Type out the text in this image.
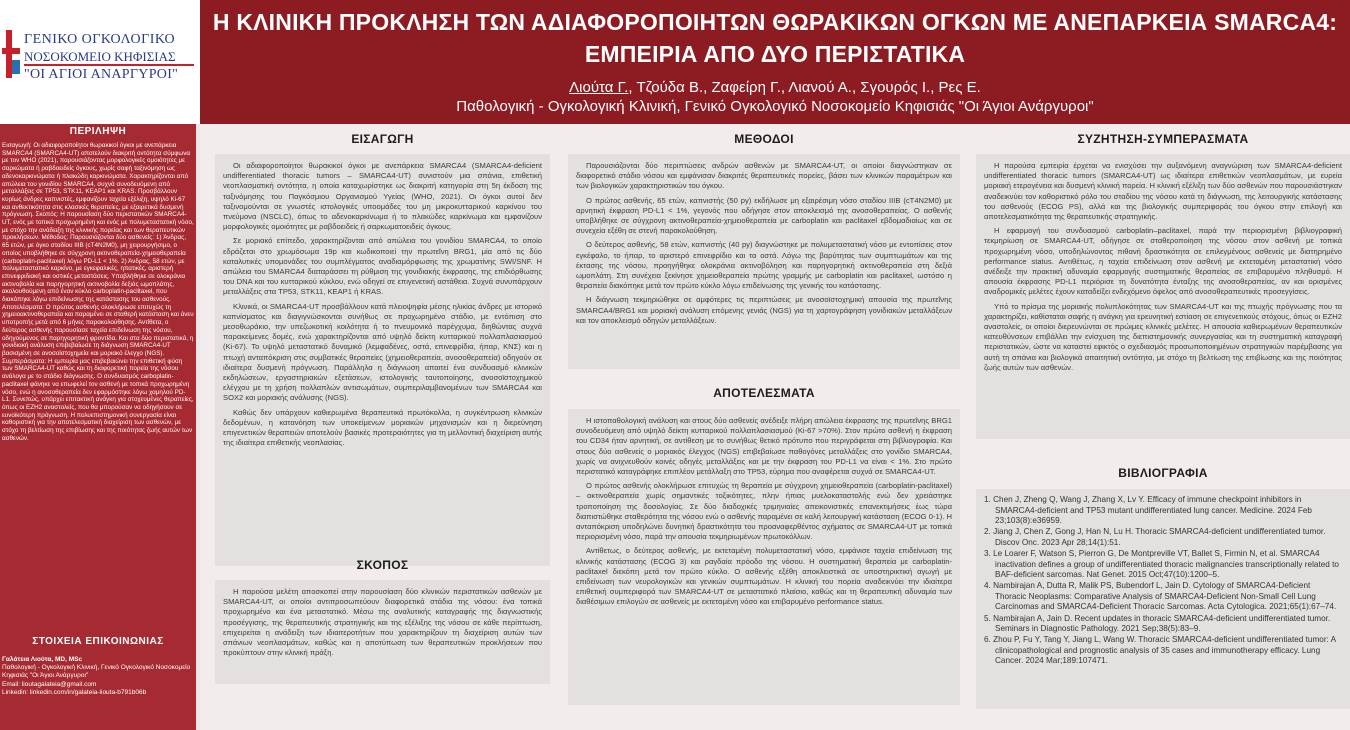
ΓΕΝΙΚΟ ΟΓΚΟΛΟΓΙΚΟ
ΝΟΣΟΚΟΜΕΙΟ ΚΗΦΙΣΙΑΣ
"ΟΙ ΑΓΙΟΙ ΑΝΑΡΓΥΡΟΙ"
Η ΚΛΙΝΙΚΗ ΠΡΟΚΛΗΣΗ ΤΩΝ ΑΔΙΑΦΟΡΟΠΟΙΗΤΩΝ ΘΩΡΑΚΙΚΩΝ ΟΓΚΩΝ ΜΕ ΑΝΕΠΑΡΚΕΙΑ SMARCA4:
ΕΜΠΕΙΡΙΑ ΑΠΟ ΔΥΟ ΠΕΡΙΣΤΑΤΙΚΑ
Λιούτα Γ., Τζούδα Β., Ζαφείρη Γ., Λιανού Α., Σγουρός Ι., Ρες Ε.
Παθολογική - Ογκολογική Κλινική, Γενικό Ογκολογικό Νοσοκομείο Κηφισιάς "Οι Άγιοι Ανάργυροι"
ΠΕΡΙΛΗΨΗ
Εισαγωγή: Οι αδιαφοροποίητοι θωρακικοί όγκοι με ανεπάρκεια SMARCA4 (SMARCA4-UT) αποτελούν διακριτή οντότητα σύμφωνα με τον WHO (2021), παρουσιάζοντας μορφολογικές ομοιότητες με σαρκώματα ή ραβδοειδείς όγκους, χωρίς σαφή ταξινόμηση ως αδενοκαρκινώματα ή πλακώδη καρκινώματα. Χαρακτηρίζονται από απώλεια του γονιδίου SMARCA4, συχνά συνοδευόμενη από μεταλλάξεις σε TP53, STK11, KEAP1 και KRAS. Προσβάλλουν κυρίως άνδρες καπνιστές, εμφανίζουν ταχεία εξέλιξη, υψηλό Ki-67 και ανθεκτικότητα στις κλασικές θεραπείες, με εξαιρετικά δυσμενή πρόγνωση. Σκοπός: Η παρουσίαση δύο περιστατικών SMARCA4-UT, ενός με τοπικά προχωρημένη και ενός με πολυμεταστατική νόσο, με στόχο την ανάδειξη της κλινικής πορείας και των θεραπευτικών προκλήσεων. Μέθοδος: Παρουσιάζονται δύο ασθενείς: 1) Άνδρας, 65 ετών, με όγκο σταδίου IIIB (cT4N2M0), μη χειρουργήσιμο, ο οποίος υποβλήθηκε σε σύγχρονη ακτινοθεραπεία-χημειοθεραπεία (carboplatin-paclitaxel) λόγω PD-L1 < 1%. 2) Άνδρας, 58 ετών, με πολυμεταστατικό καρκίνο, με εγκεφαλικές, ηπατικές, αριστερή επινεφριδιακή και οστικές μεταστάσεις. Υποβλήθηκε σε ολοκράνια ακτινοβολία και παρηγορητική ακτινοβολία δεξιάς ωμοπλάτης, ακολουθούμενη από έναν κύκλο carboplatin-paclitaxel, που διακόπηκε λόγω επιδείνωσης της κατάστασης του ασθενούς. Αποτελέσματα: Ο πρώτος ασθενής ολοκλήρωσε επιτυχώς τη χημειοακτινοθεραπεία και παραμένει σε σταθερή κατάσταση και άνευ υποτροπής μετά από 6 μήνες παρακολούθησης. Αντίθετα, ο δεύτερος ασθενής παρουσίασε ταχεία επιδείνωση της νόσου, οδηγούμενος σε παρηγορητική φροντίδα. Και στα δύο περιστατικά, η γονιδιακή ανάλυση επιβεβαίωσε τη διάγνωση SMARCA4-UT βασισμένη σε ανοσοϊστοχημεία και μοριακό έλεγχο (NGS). Συμπεράσματα: Η εμπειρία μας επιβεβαιώνει την επιθετική φύση των SMARCA4-UT καθώς και τη διαφορετική πορεία της νόσου ανάλογα με το στάδιο διάγνωσης. Ο συνδυασμός carboplatin-paclitaxel φάνηκε να επωφελεί τον ασθενή με τοπικά προχωρημένη νόσο, ενώ η ανοσοθεραπεία δεν εφαρμόστηκε λόγω χαμηλού PD-L1. Συνεπώς, υπάρχει επιτακτική ανάγκη για στοχευμένες θεραπείες, όπως οι EZH2 αναστολείς, που θα μπορούσαν να οδηγήσουν σε ευνοϊκότερη πρόγνωση. Η πολυεπιστημονική συνεργασία είναι καθοριστική για την αποτελεσματική διαχείριση των ασθενών, με στόχο τη βελτίωση της επιβίωσης και της ποιότητας ζωής αυτών των ασθενών.
ΣΤΟΙΧΕΙΑ ΕΠΙΚΟΙΝΩΝΙΑΣ
Γαλάτεια Λιούτα, MD, MSc
Παθολογική - Ογκολογική Κλινική, Γενικό Ογκολογικό Νοσοκομείο Κηφισιάς "Οι Άγιοι Ανάργυροι"
Email: lioutagalateia@gmail.com
Linkedin: linkedin.com/in/galateia-liouta-b791b06b
ΕΙΣΑΓΩΓΗ

Οι αδιαφοροποίητοι θωρακικοί όγκοι με ανεπάρκεια SMARCA4 (SMARCA4-deficient undifferentiated thoracic tumors – SMARCA4-UT) συνιστούν μια σπάνια, επιθετική νεοπλασματική οντότητα, η οποία καταχωρίστηκε ως διακριτή κατηγορία στη 5η έκδοση της ταξινόμησης του Παγκόσμιου Οργανισμού Υγείας (WHO, 2021). Οι όγκοι αυτοί δεν ταξινομούνται σε γνωστές ιστολογικές υποομάδες του μη μικροκυτταρικού καρκίνου του πνεύμονα (NSCLC), όπως το αδενοκαρκίνωμα ή το πλακώδες καρκίνωμα και εμφανίζουν μορφολογικές ομοιότητες με ραβδοειδείς ή σαρκωματοειδείς όγκους.

Σε μοριακό επίπεδο, χαρακτηρίζονται από απώλεια του γονιδίου SMARCA4, το οποίο εδράζεται στο χρωμόσωμα 19p και κωδικοποιεί την πρωτεΐνη BRG1, μία από τις δύο καταλυτικές υπομονάδες του συμπλέγματος αναδιαμόρφωσης της χρωματίνης SWI/SNF. Η απώλεια του SMARCA4 διαταράσσει τη ρύθμιση της γονιδιακής έκφρασης, της επιδιόρθωσης του DNA και του κυτταρικού κύκλου, ενώ οδηγεί σε επιγενετική αστάθεια. Συχνά συνυπάρχουν μεταλλάξεις στα TP53, STK11, KEAP1 ή KRAS.

Κλινικά, οι SMARCA4-UT προσβάλλουν κατά πλειοψηφία μέσης ηλικίας άνδρες με ιστορικό καπνίσματος και διαγιγνώσκονται συνήθως σε προχωρημένο στάδιο, με εντόπιση στο μεσοθωράκιο, την υπεζωκοτική κοιλότητα ή το πνευμονικό παρέγχυμα, διηθώντας συχνά παρακείμενες δομές, ενώ χαρακτηρίζονται από υψηλό δείκτη κυτταρικού πολλαπλασιασμού (Ki-67). Το υψηλό μεταστατικό δυναμικό (λεμφαδένες, οστά, επινεφρίδια, ήπαρ, ΚΝΣ) και η πτωχή ανταπόκριση στις συμβατικές θεραπείες (χημειοθεραπεία, ανοσοθεραπεία) οδηγούν σε ιδιαίτερα δυσμενή πρόγνωση. Παράλληλα η διάγνωση απαιτεί ένα συνδυασμό κλινικών εκδηλώσεων, εργαστηριακών εξετάσεων, ιστολογικής ταυτοποίησης, ανοσοϊστοχημικού ελέγχου με τη χρήση πολλαπλών αντισωμάτων, συμπεριλαμβανομένων των SMARCA4 και SOX2 και μοριακής ανάλυσης (NGS).

Καθώς δεν υπάρχουν καθιερωμένα θεραπευτικά πρωτόκολλα, η συγκέντρωση κλινικών δεδομένων, η κατανόηση των υποκείμενων μοριακών μηχανισμών και η διερεύνηση επιγενετικών θεραπειών αποτελούν βασικές προτεραιότητες για τη μελλοντική διαχείριση αυτής της ιδιαίτερα επιθετικής νεοπλασίας.

ΣΚΟΠΟΣ

Η παρούσα μελέτη αποσκοπεί στην παρουσίαση δύο κλινικών περιστατικών ασθενών με SMARCA4-UT, οι οποίοι αντιπροσωπεύουν διαφορετικά στάδια της νόσου: ένα τοπικά προχωρημένο και ένα μεταστατικό. Μέσω της αναλυτικής καταγραφής της διαγνωστικής προσέγγισης, της θεραπευτικής στρατηγικής και της εξέλιξης της νόσου σε κάθε περίπτωση, επιχειρείται η ανάδειξη των ιδιαιτεροτήτων που χαρακτηρίζουν τη διαχείριση αυτών των σπάνιων νεοπλασμάτων, καθώς και η αποτύπωση των θεραπευτικών προκλήσεων που προκύπτουν στην κλινική πράξη.

ΜΕΘΟΔΟΙ

Παρουσιάζονται δύο περιπτώσεις ανδρών ασθενών με SMARCA4-UT, οι οποίοι διαγνώστηκαν σε διαφορετικό στάδιο νόσου και εμφάνισαν διακριτές θεραπευτικές πορείες, βάσει των κλινικών παραμέτρων και των βιολογικών χαρακτηριστικών του όγκου.

Ο πρώτος ασθενής, 65 ετών, καπνιστής (50 py) εκδήλωσε μη εξαιρέσιμη νόσο σταδίου IIIB (cT4N2M0) με αρνητική έκφραση PD-L1 < 1%, γεγονός που οδήγησε στον αποκλεισμό της ανοσοθεραπείας. Ο ασθενής υποβλήθηκε σε σύγχρονη ακτινοθεραπεία-χημειοθεραπεία με carboplatin και paclitaxel εβδομαδιαίως και σε συνεχεία εξέθη σε στενή παρακολούθηση.

Ο δεύτερος ασθενής, 58 ετών, καπνιστής (40 py) διαγνώστηκε με πολυμεταστατική νόσο με εντοπίσεις στον εγκέφαλο, το ήπαρ, το αριστερό επινεφρίδιο και τα οστά. Λόγω της βαρύτητας των συμπτωμάτων και της έκτασης της νόσου, προηγήθηκε ολοκράνια ακτινοβόληση και παρηγορητική ακτινοθεραπεία στη δεξιά ωμοπλάτη. Στη συνέχεια ξεκίνησε χημειοθεραπεία πρώτης γραμμής με carboplatin και paclitaxel, ωστόσο η θεραπεία διακόπηκε μετά τον πρώτο κύκλο λόγω επιδείνωσης της γενικής του κατάστασης.

Η διάγνωση τεκμηριώθηκε σε αμφότερες τις περιπτώσεις με ανοσοϊστοχημική απουσία της πρωτεΐνης SMARCA4/BRG1 και μοριακή ανάλυση επόμενης γενιάς (NGS) για τη χαρτογράφηση γονιδιακών μεταλλάξεων και τον αποκλεισμό οδηγών μεταλλάξεων.

ΑΠΟΤΕΛΕΣΜΑΤΑ

Η ιστοπαθολογική ανάλυση και στους δύο ασθενείς ανέδειξε πλήρη απώλεια έκφρασης της πρωτεΐνης BRG1 συνοδευόμενη από υψηλό δείκτη κυτταρικού πολλαπλασιασμού (Ki-67 >70%). Στον πρώτο ασθενή η έκφραση του CD34 ήταν αρνητική, σε αντίθεση με το συνήθως θετικό πρότυπο που περιγράφεται στη βιβλιογραφία. Και στους δύο ασθενείς ο μοριακός έλεγχος (NGS) επιβεβαίωσε παθογόνες μεταλλάξεις στο γονίδιο SMARCA4, χωρίς να ανιχνευθούν κοινές οδηγές μεταλλάξεις και με την έκφραση του PD-L1 να είναι < 1%. Στο πρώτο περιστατικό καταγράφηκε επιπλέον μετάλλαξη στο TP53, εύρημα που αναφέρεται συχνά σε SMARCA4-UT.

Ο πρώτος ασθενής ολοκλήρωσε επιτυχώς τη θεραπεία με σύγχρονη χημειοθεραπεία (carboplatin-paclitaxel) – ακτινοθεραπεία χωρίς σημαντικές τοξικότητες, πλην ήπιας μυελοκαταστολής ενώ δεν χρειάστηκε τροποποίηση της δοσολογίας. Σε δύο διαδοχικές τριμηνιαίες απεικονιστικές επανεκτιμήσεις έως τώρα διαπιστώθηκε σταθερότητα της νόσου ενώ ο ασθενής παραμένει σε καλή λειτουργική κατάσταση (ECOG 0-1). Η ανταπόκριση υποδηλώνει δυνητική δραστικότητα του προαναφερθέντος σχήματος σε SMARCA4-UT με τοπικά περιορισμένη νόσο, παρά την απουσία τεκμηριωμένων πρωτοκόλλων.

Αντίθετως, ο δεύτερος ασθενής, με εκτεταμένη πολυμεταστατική νόσο, εμφάνισε ταχεία επιδείνωση της κλινικής κατάστασης (ECOG 3) και ραγδαία πρόοδο της νόσου. Η συστηματική θεραπεία με carboplatin-paclitaxel διεκόπη μετά τον πρώτο κύκλο. Ο ασθενής εξέθη αποκλειστικά σε υποστηρικτική αγωγή με επιδείνωση των νευρολογικών και γενικών συμπτωμάτων. Η κλινική του πορεία αναδεικνύει την ιδιαίτερα επιθετική συμπεριφορά των SMARCA4-UT σε μεταστατικό πλαίσιο, καθώς και τη θεραπευτική αδυναμία των διαθέσιμων επιλογών σε ασθενείς με εκτεταμένη νόσο και επιβαρυμένο performance status.

ΣΥΖΗΤΗΣΗ-ΣΥΜΠΕΡΑΣΜΑΤΑ

Η παρούσα εμπειρία έρχεται να ενισχύσει την αυξανόμενη αναγνώριση των SMARCA4-deficient undifferentiated thoracic tumors (SMARCA4-UT) ως ιδιαίτερα επιθετικών νεοπλασμάτων, με ευρεία μοριακή ετερογένεια και δυσμενή κλινική πορεία. Η κλινική εξέλιξη των δύο ασθενών που παρουσιάστηκαν αναδεικνύει τον καθοριστικό ρόλο του σταδίου της νόσου κατά τη διάγνωση, της λειτουργικής κατάστασης του ασθενούς (ECOG PS), αλλά και της βιολογικής συμπεριφοράς του όγκου στην επιλογή και αποτελεσματικότητα της θεραπευτικής στρατηγικής.

Η εφαρμογή του συνδυασμού carboplatin–paclitaxel, παρά την περιορισμένη βιβλιογραφική τεκμηρίωση σε SMARCA4-UT, οδήγησε σε σταθεροποίηση της νόσου στον ασθενή με τοπικά προχωρημένη νόσο, υποδηλώνοντας πιθανή δραστικότητα σε επιλεγμένους ασθενείς με διατηρημένο performance status. Αντιθέτως, η ταχεία επιδείνωση στον ασθενή με εκτεταμένη μεταστατική νόσο ανέδειξε την πρακτική αδυναμία εφαρμογής συστηματικής θεραπείας σε επιβαρυμένο πληθυσμό. Η απουσία έκφρασης PD-L1 περιόρισε τη δυνατότητα ένταξης της ανοσοθεραπείας, αν και ορισμένες αναδρομικές μελέτες έχουν καταδείξει ενδεχόμενο όφελος από ανοσοθεραπευτικές προσεγγίσεις.

Υπό το πρίσμα της μοριακής πολυπλοκότητας των SMARCA4-UT και της πτωχής πρόγνωσης που τα χαρακτηρίζει, καθίσταται σαφής η ανάγκη για ερευνητική εστίαση σε επιγενετικούς στόχους, όπως οι EZH2 αναστολείς, οι οποίοι διερευνώνται σε πρώιμες κλινικές μελέτες. Η απουσία καθιερωμένων θεραπευτικών κατευθύνσεων επιβάλλει την ενίσχυση της διεπιστημονικής συνεργασίας και τη συστηματική καταγραφή περιστατικών, ώστε να καταστεί εφικτός ο σχεδιασμός προσωποποιημένων στρατηγικών παρέμβασης για αυτή τη σπάνια και βιολογικά απαιτητική οντότητα, με στόχο τη βελτίωση της επιβίωσης και της ποιότητας ζωής αυτών των ασθενών.

ΒΙΒΛΙΟΓΡΑΦΙΑ
1. Chen J, Zheng Q, Wang J, Zhang X, Lv Y. Efficacy of immune checkpoint inhibitors in SMARCA4-deficient and TP53 mutant undifferentiated lung cancer. Medicine. 2024 Feb 23;103(8):e36959.
2. Jiang J, Chen Z, Gong J, Han N, Lu H. Thoracic SMARCA4-deficient undifferentiated tumor. Discov Onc. 2023 Apr 28;14(1):51.
3. Le Loarer F, Watson S, Pierron G, De Montpreville VT, Ballet S, Firmin N, et al. SMARCA4 inactivation defines a group of undifferentiated thoracic malignancies transcriptionally related to BAF-deficient sarcomas. Nat Genet. 2015 Oct;47(10):1200–5.
4. Nambirajan A, Dutta R, Malik PS, Bubendorf L, Jain D. Cytology of SMARCA4-Deficient Thoracic Neoplasms: Comparative Analysis of SMARCA4-Deficient Non-Small Cell Lung Carcinomas and SMARCA4-Deficient Thoracic Sarcomas. Acta Cytologica. 2021;65(1):67–74.
5. Nambirajan A, Jain D. Recent updates in thoracic SMARCA4-deficient undifferentiated tumor. Seminars in Diagnostic Pathology. 2021 Sep;38(5):83–9.
6. Zhou P, Fu Y, Tang Y, Jiang L, Wang W. Thoracic SMARCA4-deficient undifferentiated tumor: A clinicopathological and prognostic analysis of 35 cases and immunotherapy efficacy. Lung Cancer. 2024 Mar;189:107471.
